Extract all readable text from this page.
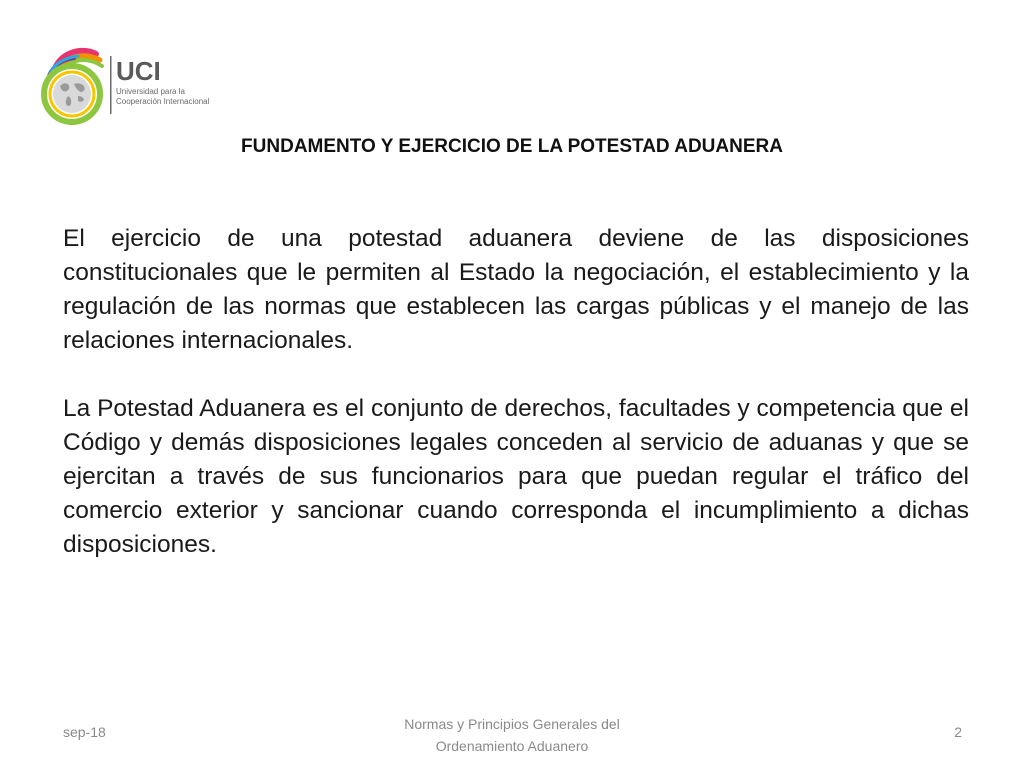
UCI
Universidad para la
Cooperación Internacional
FUNDAMENTO Y EJERCICIO DE LA POTESTAD ADUANERA

El ejercicio de una potestad aduanera deviene de las disposiciones constitucionales que le permiten al Estado la negociación, el establecimiento y la regulación de las normas que establecen las cargas públicas y el manejo de las relaciones internacionales.

La Potestad Aduanera es el conjunto de derechos, facultades y competencia que el Código y demás disposiciones legales conceden al servicio de aduanas y que se ejercitan a través de sus funcionarios para que puedan regular el tráfico del comercio exterior y sancionar cuando corresponda el incumplimiento a dichas disposiciones.

sep-18	Normas y Principios Generales del
Ordenamiento Aduanero
2
